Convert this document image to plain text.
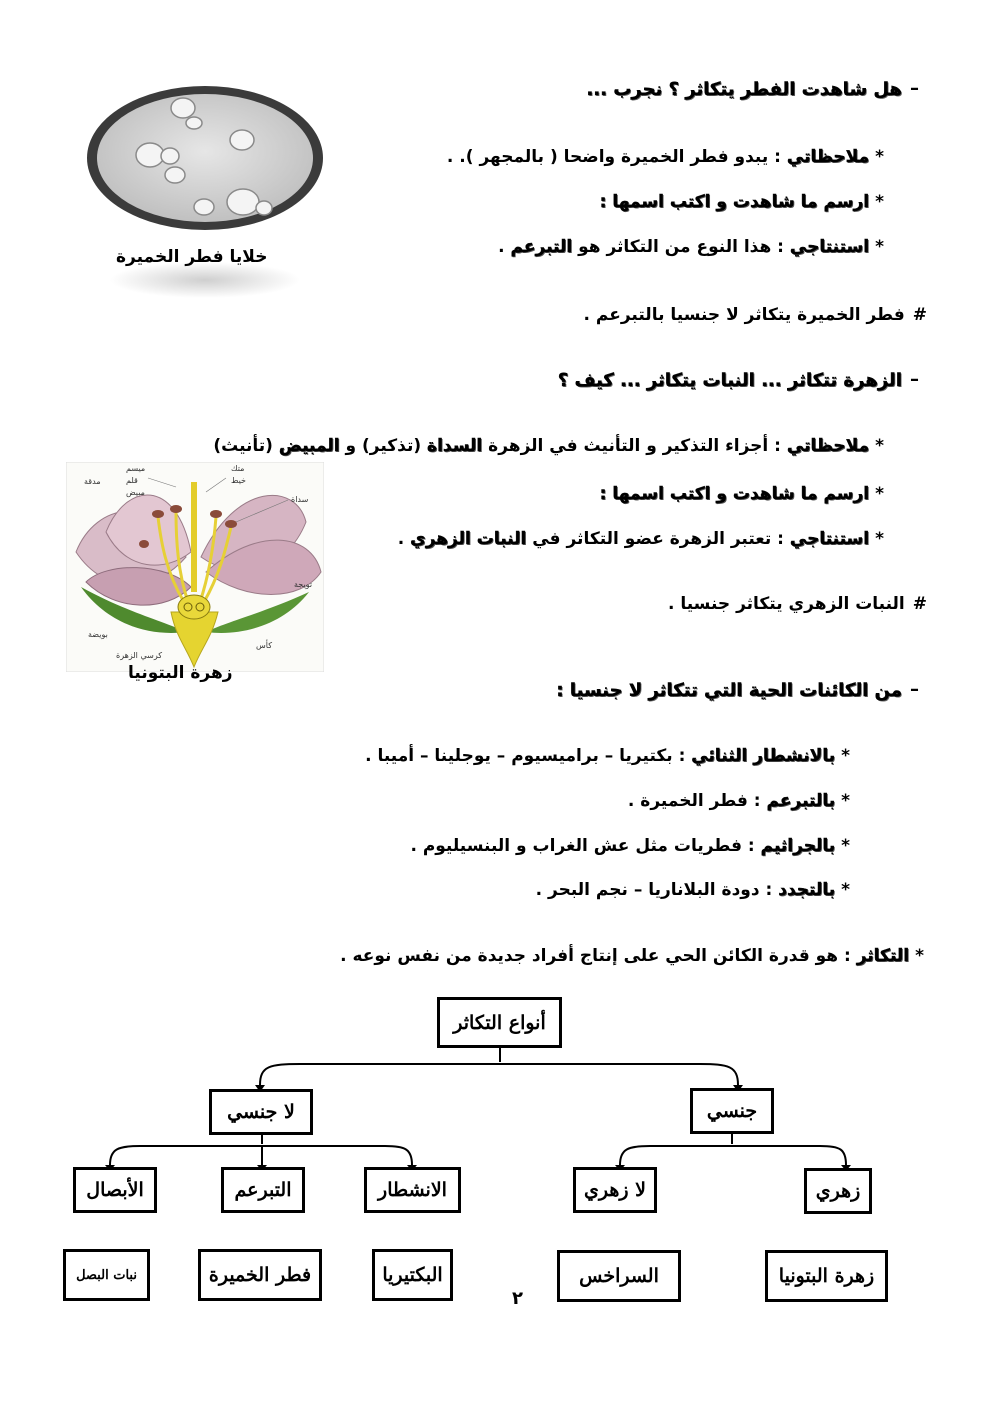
خلايا فطر الخميرة
–
هل شاهدت الفطر يتكاثر ؟ نجرب ...
*ملاحظاتي : يبدو فطر الخميرة واضحا ( بالمجهر ). .
*ارسم ما شاهدت و اكتب اسمها :
*استنتاجي : هذا النوع من التكاثر هو التبرعم .
#فطر الخميرة يتكاثر لا جنسيا بالتبرعم .
–
الزهرة تتكاثر ... النبات يتكاثر ... كيف ؟
*ملاحظاتي : أجزاء التذكير و التأنيث في الزهرة السداة (تذكير) و المبيض (تأنيث)
*ارسم ما شاهدت و اكتب اسمها :
*استنتاجي : تعتبر الزهرة عضو التكاثر في النبات الزهري .
#النبات الزهري يتكاثر جنسيا .
ميسم
قلم
مبيض
متك
خيط
سداة
مدقة
تويجة
بويضة
كأس
كرسي الزهرة
زهرة البتونيا
–
من الكائنات الحية التي تتكاثر لا جنسيا :
*بالانشطار الثنائي : بكتيريا – براميسيوم – يوجلينا – أميبا .
*بالتبرعم : فطر الخميرة .
*بالجراثيم : فطريات مثل عش الغراب و البنسيليوم .
*بالتجدد : دودة البلاناريا – نجم البحر .
*التكاثر : هو قدرة الكائن الحي على إنتاج أفراد جديدة من نفس نوعه .
أنواع التكاثر
لا جنسي	جنسي
الأبصال	التبرعم	الانشطار	لا زهري	زهري
نبات البصل	فطر الخميرة	البكتيريا	السراخس	زهرة البتونيا
٢
